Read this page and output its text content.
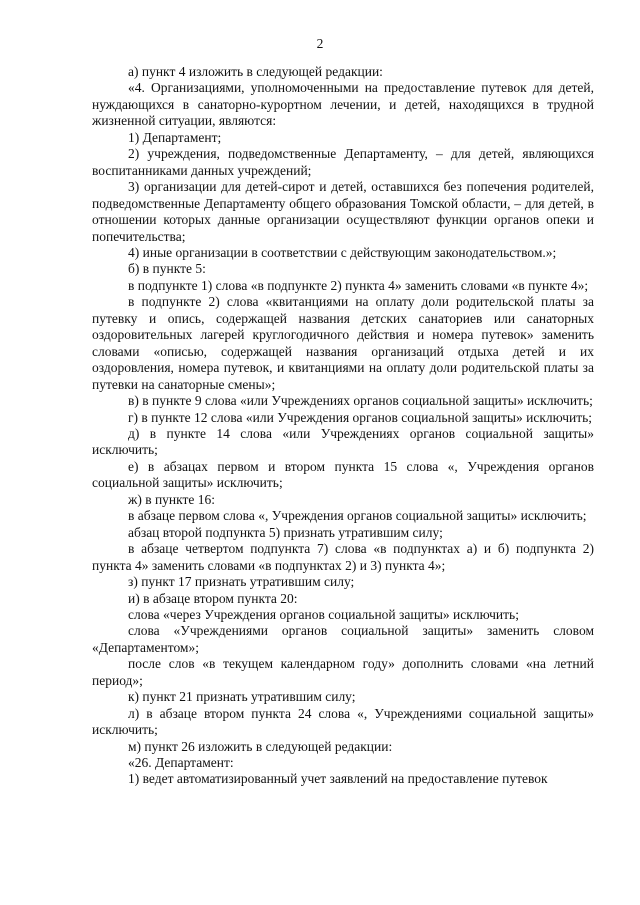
2

а) пункт 4 изложить в следующей редакции:

«4. Организациями, уполномоченными на предоставление путевок для детей, нуждающихся в санаторно-курортном лечении, и детей, находящихся в трудной жизненной ситуации, являются:

1) Департамент;

2) учреждения, подведомственные Департаменту, – для детей, являющихся воспитанниками данных учреждений;

3) организации для детей-сирот и детей, оставшихся без попечения родителей, подведомственные Департаменту общего образования Томской области, – для детей, в отношении которых данные организации осуществляют функции органов опеки и попечительства;

4) иные организации в соответствии с действующим законодательством.»;

б) в пункте 5:

в подпункте 1) слова «в подпункте 2) пункта 4» заменить словами «в пункте 4»;

в подпункте 2) слова «квитанциями на оплату доли родительской платы за путевку и опись, содержащей названия детских санаториев или санаторных оздоровительных лагерей круглогодичного действия и номера путевок» заменить словами «описью, содержащей названия организаций отдыха детей и их оздоровления, номера путевок, и квитанциями на оплату доли родительской платы за путевки на санаторные смены»;

в) в пункте 9 слова «или Учреждениях органов социальной защиты» исключить;

г) в пункте 12 слова «или Учреждения органов социальной защиты» исключить;

д) в пункте 14 слова «или Учреждениях органов социальной защиты» исключить;

е) в абзацах первом и втором пункта 15 слова «, Учреждения органов социальной защиты» исключить;

ж) в пункте 16:

в абзаце первом слова «, Учреждения органов социальной защиты» исключить;

абзац второй подпункта 5) признать утратившим силу;

в абзаце четвертом подпункта 7) слова «в подпунктах а) и б) подпункта 2) пункта 4» заменить словами «в подпунктах 2) и 3) пункта 4»;

з) пункт 17 признать утратившим силу;

и) в абзаце втором пункта 20:

слова «через Учреждения органов социальной защиты» исключить;

слова «Учреждениями органов социальной защиты» заменить словом «Департаментом»;

после слов «в текущем календарном году» дополнить словами «на летний период»;

к) пункт 21 признать утратившим силу;

л) в абзаце втором пункта 24 слова «, Учреждениями социальной защиты» исключить;

м) пункт 26 изложить в следующей редакции:

«26. Департамент:

1) ведет автоматизированный учет заявлений на предоставление путевок
